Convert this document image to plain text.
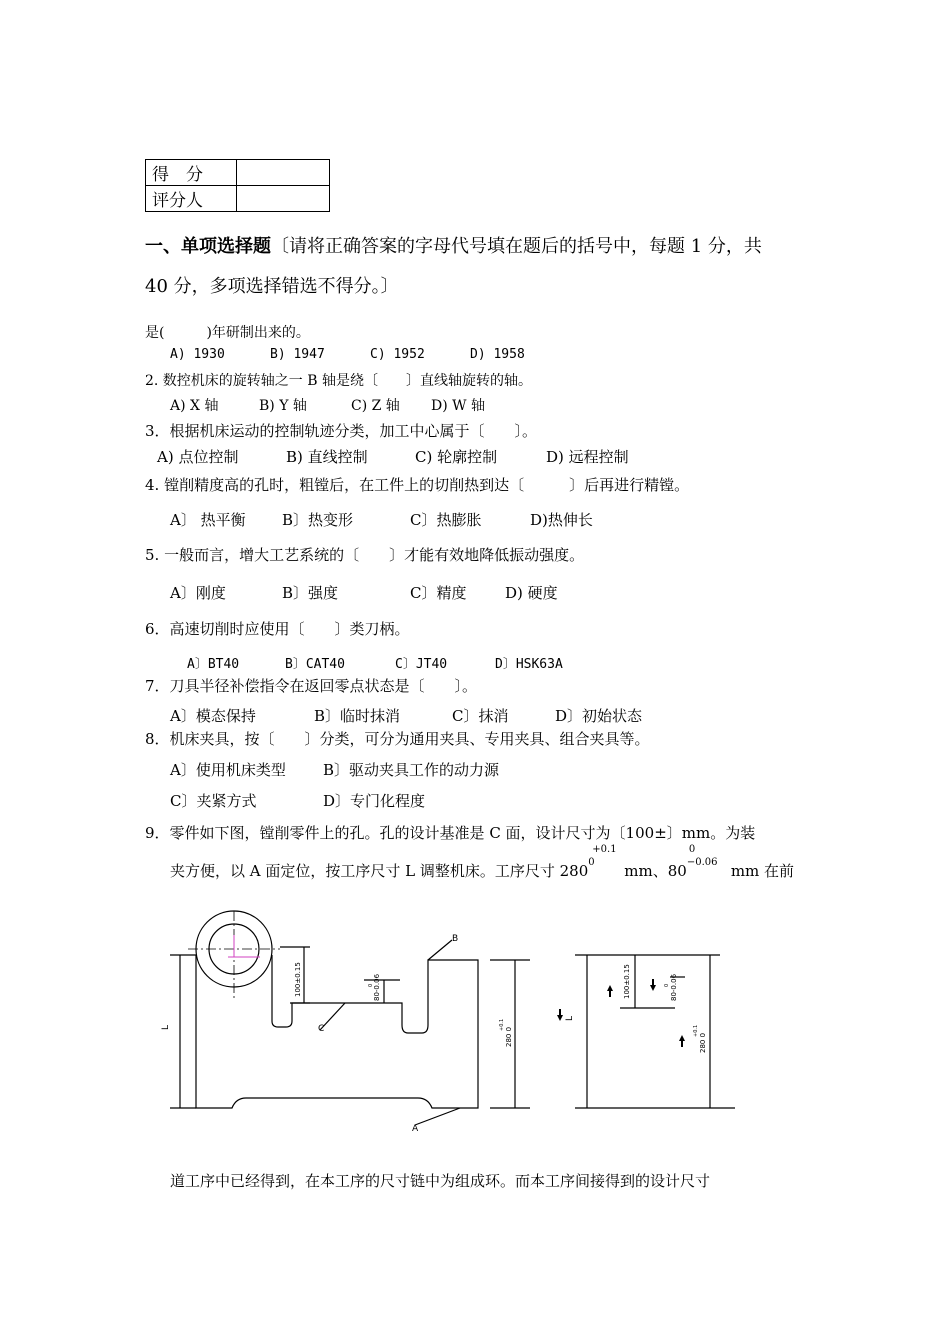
得　分	
评分人	
一、单项选择题〔请将正确答案的字母代号填在题后的括号中，每题 1 分，共
40 分，多项选择错选不得分。〕
是(　　　)年研制出来的。
A) 1930	B) 1947	C) 1952	D) 1958
2. 数控机床的旋转轴之一 B 轴是绕〔　　〕直线轴旋转的轴。
A) X 轴	B) Y 轴	C) Z 轴 D) W 轴
3．根据机床运动的控制轨迹分类，加工中心属于〔　　〕。
A) 点位控制	B) 直线控制	C) 轮廓控制	D) 远程控制
4. 镗削精度高的孔时，粗镗后，在工件上的切削热到达〔　　　〕后再进行精镗。
A〕 热平衡 B〕热变形	C〕热膨胀	D)热伸长
5. 一般而言，增大工艺系统的〔　　〕才能有效地降低振动强度。
A〕刚度	B〕强度	C〕精度	D) 硬度
6．高速切削时应使用〔　　〕类刀柄。
A〕BT40	B〕CAT40	C〕JT40	D〕HSK63A
7．刀具半径补偿指令在返回零点状态是〔　　〕。
A〕模态保持	B〕临时抹消	C〕抹消	D〕初始状态
8．机床夹具，按〔　　〕分类，可分为通用夹具、专用夹具、组合夹具等。
A〕使用机床类型 B〕驱动夹具工作的动力源
C〕夹紧方式	D〕专门化程度
9．零件如下图，镗削零件上的孔。孔的设计基准是 C 面，设计尺寸为〔100±〕mm。为装
夹方便，以 A 面定位，按工序尺寸 L 调整机床。工序尺寸 280
+0.1
0 mm、80
0
−0.06 mm 在前
L
B
C
A
100±0.15	80-0.06
0
280 0
+0.1
100±0.15	80-0.06
0
280 0
+0.1
L
道工序中已经得到，在本工序的尺寸链中为组成环。而本工序间接得到的设计尺寸
